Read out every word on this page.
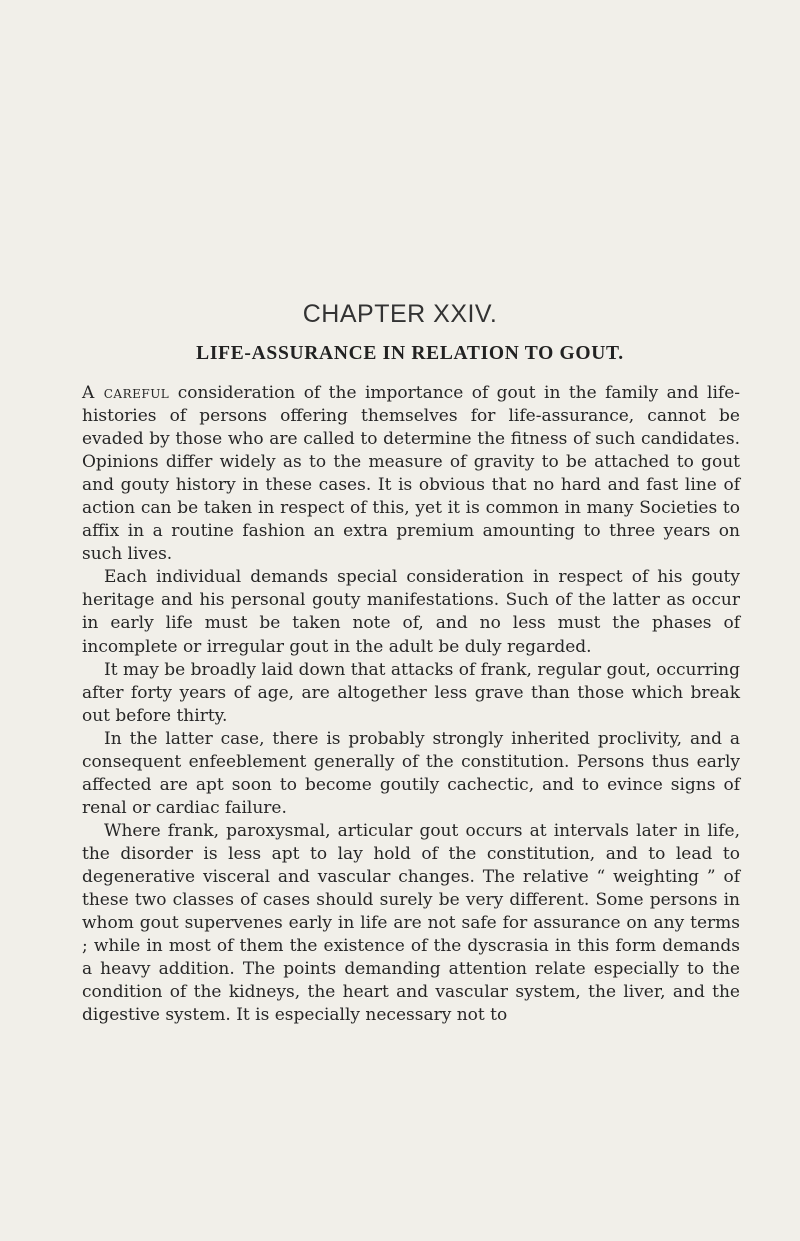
CHAPTER XXIV.
LIFE-ASSURANCE IN RELATION TO GOUT.

A careful consideration of the importance of gout in the family and life-histories of persons offering themselves for life-assurance, cannot be evaded by those who are called to determine the fitness of such candidates. Opinions differ widely as to the measure of gravity to be attached to gout and gouty history in these cases. It is obvious that no hard and fast line of action can be taken in respect of this, yet it is common in many Societies to affix in a routine fashion an extra premium amounting to three years on such lives.

Each individual demands special consideration in respect of his gouty heritage and his personal gouty manifestations. Such of the latter as occur in early life must be taken note of, and no less must the phases of incomplete or irregular gout in the adult be duly regarded.

It may be broadly laid down that attacks of frank, regular gout, occurring after forty years of age, are altogether less grave than those which break out before thirty.

In the latter case, there is probably strongly inherited proclivity, and a consequent enfeeblement generally of the constitution. Persons thus early affected are apt soon to become goutily cachectic, and to evince signs of renal or cardiac failure.

Where frank, paroxysmal, articular gout occurs at intervals later in life, the disorder is less apt to lay hold of the constitution, and to lead to degenerative visceral and vascular changes. The relative “ weighting ” of these two classes of cases should surely be very different. Some persons in whom gout supervenes early in life are not safe for assurance on any terms ; while in most of them the existence of the dyscrasia in this form demands a heavy addition. The points demanding attention relate especially to the condition of the kidneys, the heart and vascular system, the liver, and the digestive system. It is especially necessary not to
